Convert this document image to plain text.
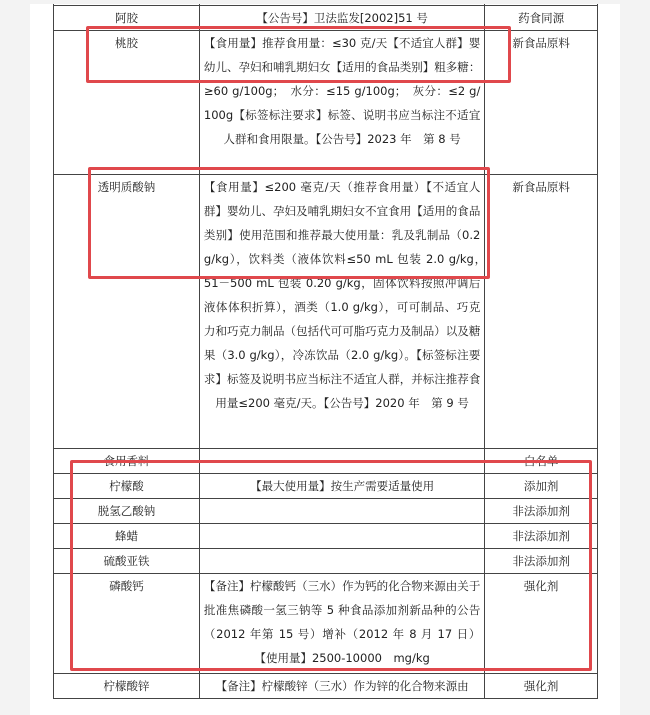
阿胶	【公告号】卫法监发[2002]51 号	药食同源
桃胶	【食用量】推荐食用量：≤30 克/天【不适宜人群】婴幼儿、孕妇和哺乳期妇女【适用的食品类别】粗多糖：≥60 g/100g；　水分：≤15 g/100g；　灰分：≤2 g/100g【标签标注要求】标签、说明书应当标注不适宜人群和食用限量。【公告号】2023 年　第 8 号	新食品原料
透明质酸钠	【食用量】≤200 毫克/天（推荐食用量）【不适宜人群】婴幼儿、孕妇及哺乳期妇女不宜食用【适用的食品类别】使用范围和推荐最大使用量：乳及乳制品（0.2g/kg），饮料类（液体饮料≤50 mL 包装 2.0 g/kg，　51－500 mL 包装 0.20 g/kg，固体饮料按照冲调后液体体积折算），酒类（1.0 g/kg），可可制品、巧克力和巧克力制品（包括代可可脂巧克力及制品）以及糖果（3.0 g/kg），冷冻饮品（2.0 g/kg）。【标签标注要求】标签及说明书应当标注不适宜人群，并标注推荐食用量≤200 毫克/天。【公告号】2020 年　第 9 号	新食品原料
食用香料		白名单
柠檬酸	【最大使用量】按生产需要适量使用	添加剂
脱氢乙酸钠		非法添加剂
蜂蜡		非法添加剂
硫酸亚铁		非法添加剂
磷酸钙	【备注】柠檬酸钙（三水）作为钙的化合物来源由关于批准焦磷酸一氢三钠等 5 种食品添加剂新品种的公告（2012 年第 15 号）增补（2012 年 8 月 17 日）【使用量】2500-10000　mg/kg	强化剂
柠檬酸锌	【备注】柠檬酸锌（三水）作为锌的化合物来源由	强化剂
